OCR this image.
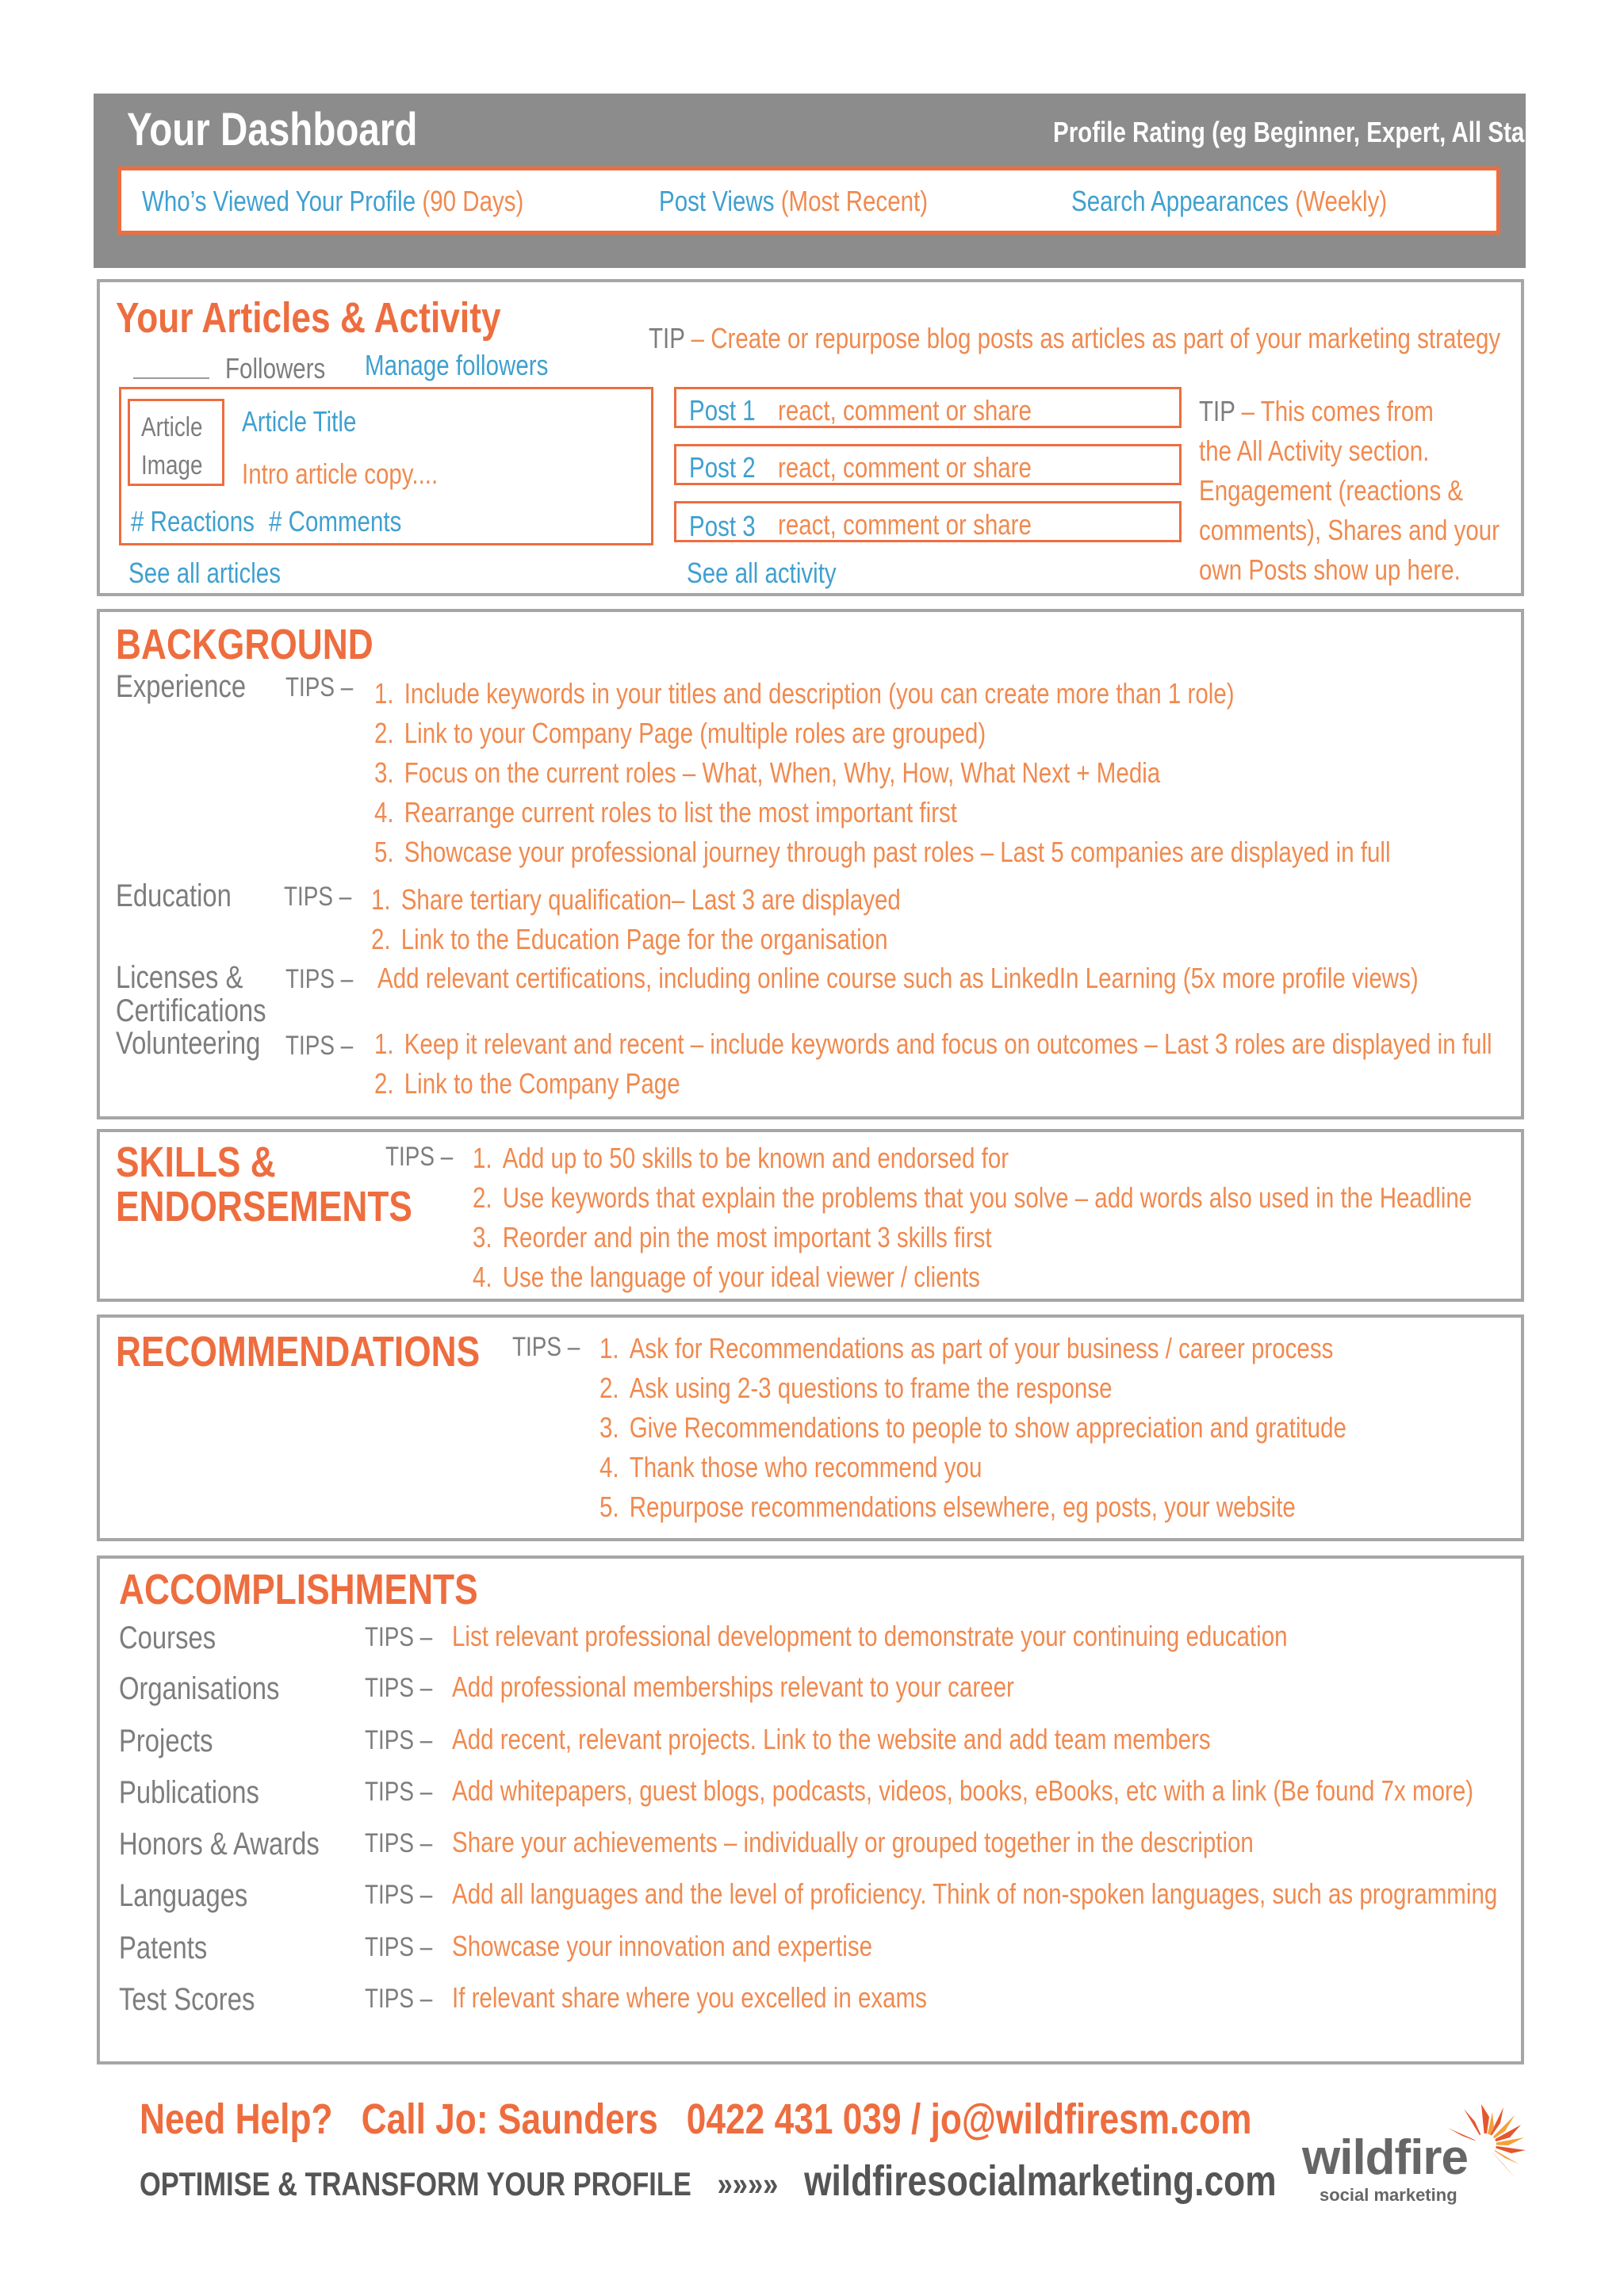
Your Dashboard	Profile Rating (eg Beginner, Expert, All Star)
Who’s Viewed Your Profile (90 Days)	Post Views (Most Recent)	Search Appearances (Weekly)
Your Articles & Activity	TIP – Create or repurpose blog posts as articles as part of your marketing strategy
Followers Manage followers
Article
Image
Article Title
Intro article copy....
# Reactions # Comments
See all articles
Post 1 react, comment or share
Post 2 react, comment or share
Post 3 react, comment or share
See all activity
TIP – This comes from
the All Activity section.
Engagement (reactions &
comments), Shares and your
own Posts show up here.
BACKGROUND
Experience TIPS – 1. Include keywords in your titles and description (you can create more than 1 role)
2. Link to your Company Page (multiple roles are grouped)
3. Focus on the current roles – What, When, Why, How, What Next + Media
4. Rearrange current roles to list the most important first
5. Showcase your professional journey through past roles – Last 5 companies are displayed in full
Education TIPS – 1. Share tertiary qualification– Last 3 are displayed
2. Link to the Education Page for the organisation
Licenses &
Certifications
TIPS – Add relevant certifications, including online course such as LinkedIn Learning (5x more profile views)
Volunteering TIPS – 1. Keep it relevant and recent – include keywords and focus on outcomes – Last 3 roles are displayed in full
2. Link to the Company Page
SKILLS &
ENDORSEMENTS
TIPS – 1. Add up to 50 skills to be known and endorsed for
2. Use keywords that explain the problems that you solve – add words also used in the Headline
3. Reorder and pin the most important 3 skills first
4. Use the language of your ideal viewer / clients
RECOMMENDATIONS TIPS – 1. Ask for Recommendations as part of your business / career process
2. Ask using 2-3 questions to frame the response
3. Give Recommendations to people to show appreciation and gratitude
4. Thank those who recommend you
5. Repurpose recommendations elsewhere, eg posts, your website
ACCOMPLISHMENTS
Courses	TIPS – List relevant professional development to demonstrate your continuing education
Organisations	TIPS – Add professional memberships relevant to your career
Projects	TIPS – Add recent, relevant projects. Link to the website and add team members
Publications	TIPS – Add whitepapers, guest blogs, podcasts, videos, books, eBooks, etc with a link (Be found 7x more)
Honors & Awards TIPS – Share your achievements – individually or grouped together in the description
Languages	TIPS – Add all languages and the level of proficiency. Think of non-spoken languages, such as programming
Patents	TIPS – Showcase your innovation and expertise
Test Scores	TIPS – If relevant share where you excelled in exams
Need Help? Call Jo: Saunders 0422 431 039 / jo@wildfiresm.com
OPTIMISE & TRANSFORM YOUR PROFILE »»»» wildfiresocialmarketing.com wildfire
social marketing
